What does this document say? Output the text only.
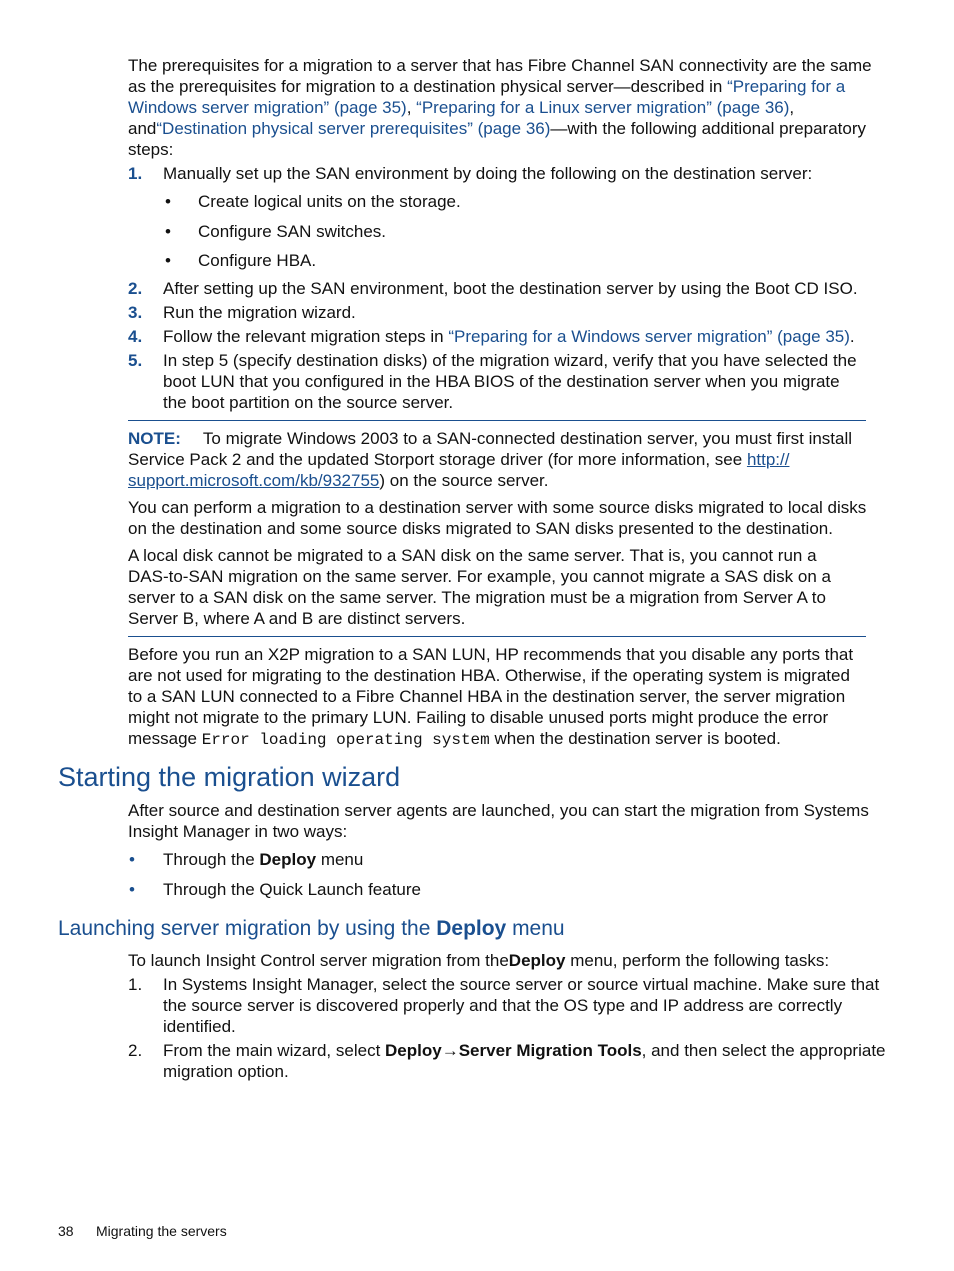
The prerequisites for a migration to a server that has Fibre Channel SAN connectivity are the same
as the prerequisites for migration to a destination physical server—described in “Preparing for a
Windows server migration” (page 35), “Preparing for a Linux server migration” (page 36),
and“Destination physical server prerequisites” (page 36)—with the following additional preparatory
steps:
1. Manually set up the SAN environment by doing the following on the destination server:
• Create logical units on the storage.
• Configure SAN switches.
• Configure HBA.
2. After setting up the SAN environment, boot the destination server by using the Boot CD ISO.
3. Run the migration wizard.
4. Follow the relevant migration steps in “Preparing for a Windows server migration” (page 35).
5. In step 5 (specify destination disks) of the migration wizard, verify that you have selected the
boot LUN that you configured in the HBA BIOS of the destination server when you migrate
the boot partition on the source server.
NOTE: To migrate Windows 2003 to a SAN-connected destination server, you must first install
Service Pack 2 and the updated Storport storage driver (for more information, see http://
support.microsoft.com/kb/932755) on the source server.
You can perform a migration to a destination server with some source disks migrated to local disks
on the destination and some source disks migrated to SAN disks presented to the destination.
A local disk cannot be migrated to a SAN disk on the same server. That is, you cannot run a
DAS-to-SAN migration on the same server. For example, you cannot migrate a SAS disk on a
server to a SAN disk on the same server. The migration must be a migration from Server A to
Server B, where A and B are distinct servers.
Before you run an X2P migration to a SAN LUN, HP recommends that you disable any ports that
are not used for migrating to the destination HBA. Otherwise, if the operating system is migrated
to a SAN LUN connected to a Fibre Channel HBA in the destination server, the server migration
might not migrate to the primary LUN. Failing to disable unused ports might produce the error
message Error loading operating system when the destination server is booted.
Starting the migration wizard
After source and destination server agents are launched, you can start the migration from Systems
Insight Manager in two ways:
• Through the Deploy menu
• Through the Quick Launch feature
Launching server migration by using the Deploy menu
To launch Insight Control server migration from theDeploy menu, perform the following tasks:
1. In Systems Insight Manager, select the source server or source virtual machine. Make sure that
the source server is discovered properly and that the OS type and IP address are correctly
identified.
2. From the main wizard, select Deploy→Server Migration Tools, and then select the appropriate
migration option.
38 Migrating the servers
